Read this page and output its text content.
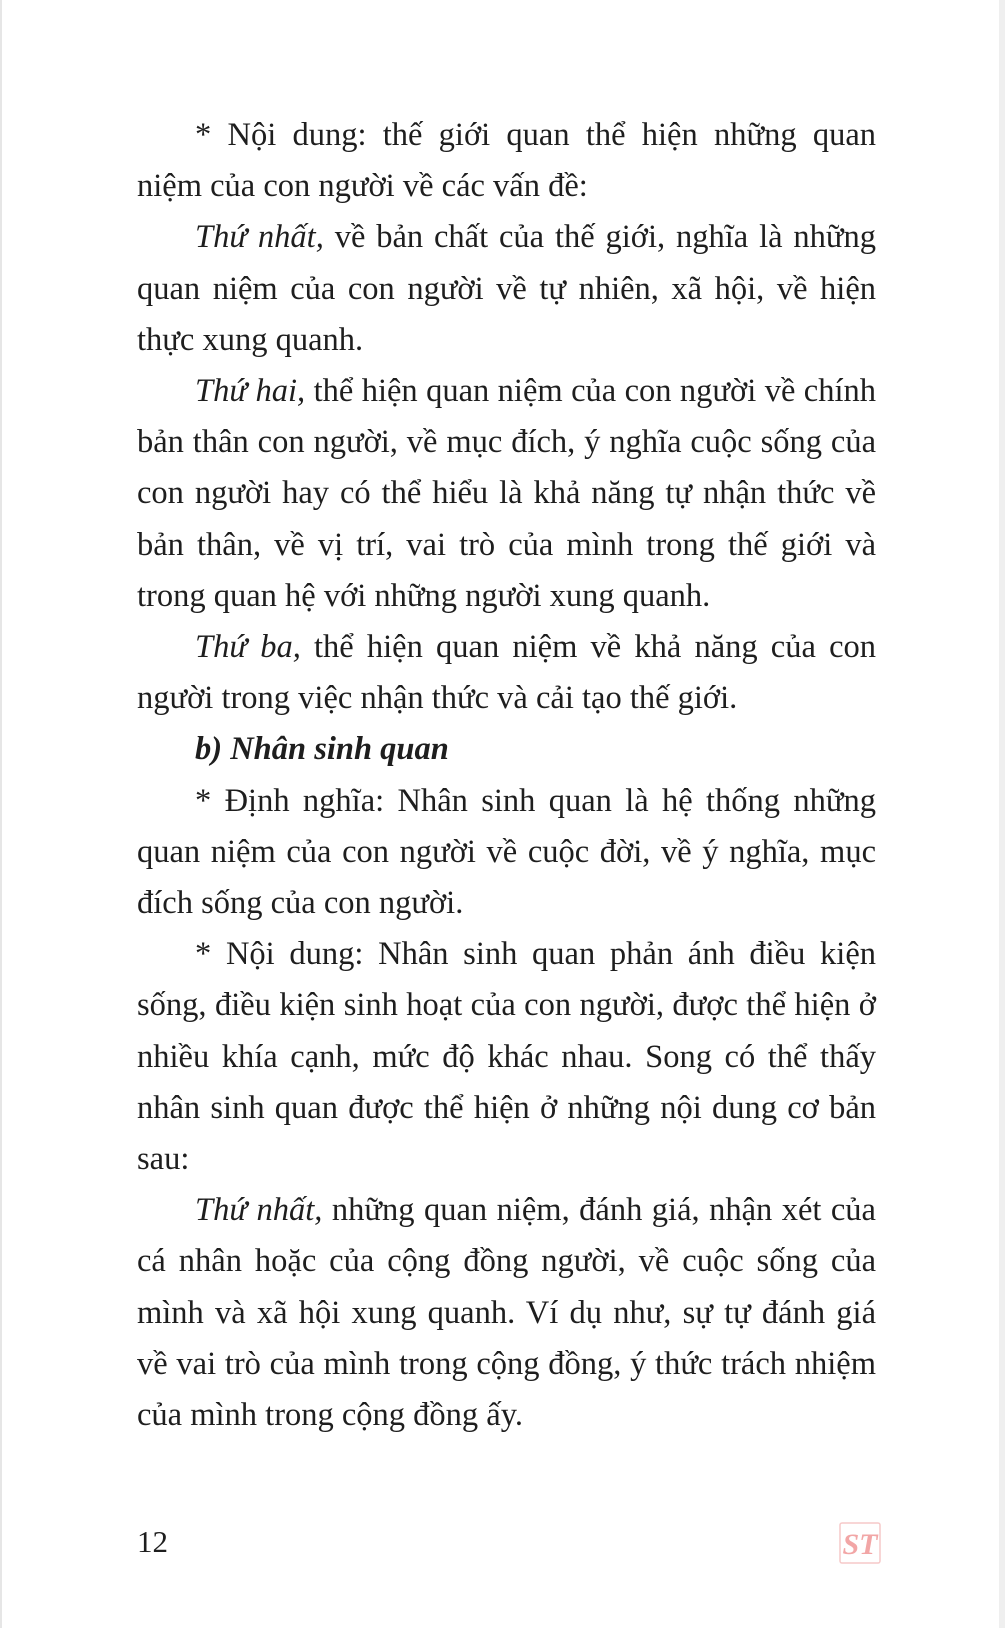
* Nội dung: thế giới quan thể hiện những quan niệm của con người về các vấn đề:

Thứ nhất, về bản chất của thế giới, nghĩa là những quan niệm của con người về tự nhiên, xã hội, về hiện thực xung quanh.

Thứ hai, thể hiện quan niệm của con người về chính bản thân con người, về mục đích, ý nghĩa cuộc sống của con người hay có thể hiểu là khả năng tự nhận thức về bản thân, về vị trí, vai trò của mình trong thế giới và trong quan hệ với những người xung quanh.

Thứ ba, thể hiện quan niệm về khả năng của con người trong việc nhận thức và cải tạo thế giới.

b) Nhân sinh quan

* Định nghĩa: Nhân sinh quan là hệ thống những quan niệm của con người về cuộc đời, về ý nghĩa, mục đích sống của con người.

* Nội dung: Nhân sinh quan phản ánh điều kiện sống, điều kiện sinh hoạt của con người, được thể hiện ở nhiều khía cạnh, mức độ khác nhau. Song có thể thấy nhân sinh quan được thể hiện ở những nội dung cơ bản sau:

Thứ nhất, những quan niệm, đánh giá, nhận xét của cá nhân hoặc của cộng đồng người, về cuộc sống của mình và xã hội xung quanh. Ví dụ như, sự tự đánh giá về vai trò của mình trong cộng đồng, ý thức trách nhiệm của mình trong cộng đồng ấy.

12	ST
